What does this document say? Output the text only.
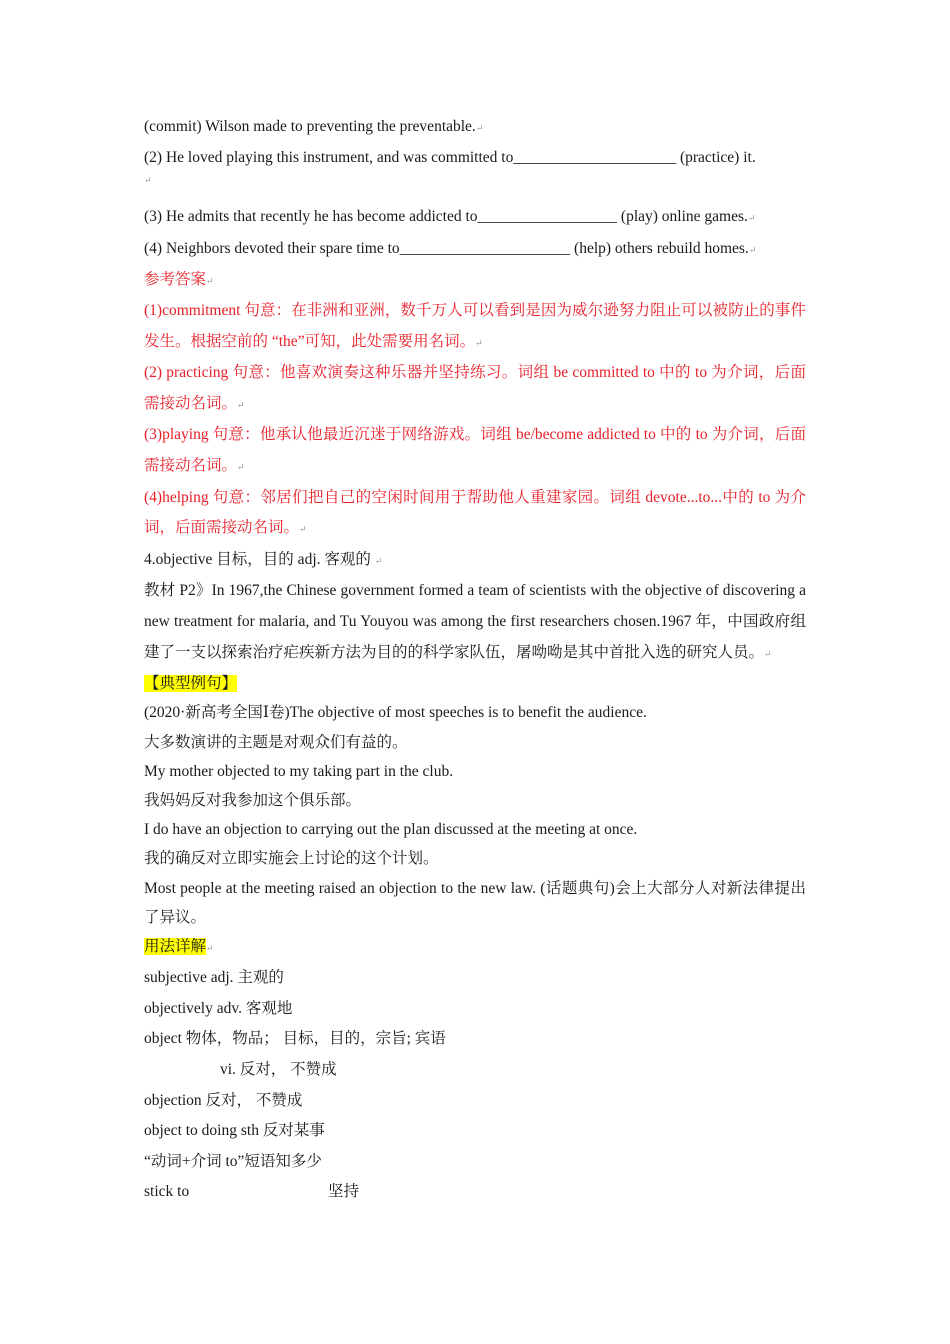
(commit) Wilson made to preventing the preventable.↵
(2) He loved playing this instrument, and was committed to_____________________ (practice) it.
↵
(3) He admits that recently he has become addicted to__________________ (play) online games.↵
(4) Neighbors devoted their spare time to______________________ (help) others rebuild homes.↵
参考答案↵
(1)commitment 句意：在非洲和亚洲，数千万人可以看到是因为威尔逊努力阻止可以被防止的事件发生。根据空前的 “the”可知，此处需要用名词。↵
(2) practicing 句意：他喜欢演奏这种乐器并坚持练习。词组 be committed to 中的 to 为介词，后面需接动名词。↵
(3)playing 句意：他承认他最近沉迷于网络游戏。词组 be/become addicted to 中的 to 为介词，后面需接动名词。↵
(4)helping 句意：邻居们把自己的空闲时间用于帮助他人重建家园。词组 devote...to...中的 to 为介词，后面需接动名词。↵
4.objective 目标，目的 adj. 客观的 ↵
教材 P2》In 1967,the Chinese government formed a team of scientists with the objective of discovering a new treatment for malaria, and Tu Youyou was among the first researchers chosen.1967 年，中国政府组建了一支以探索治疗疟疾新方法为目的的科学家队伍，屠呦呦是其中首批入选的研究人员。↵
【典型例句】
(2020·新高考全国Ⅰ卷)The objective of most speeches is to benefit the audience.
大多数演讲的主题是对观众们有益的。
My mother objected to my taking part in the club.
我妈妈反对我参加这个俱乐部。
I do have an objection to carrying out the plan discussed at the meeting at once.
我的确反对立即实施会上讨论的这个计划。
Most people at the meeting raised an objection to the new law. (话题典句)会上大部分人对新法律提出了异议。
用法详解↵
subjective adj. 主观的
objectively adv. 客观地
object 物体，物品； 目标，目的，宗旨; 宾语
vi. 反对， 不赞成
objection 反对， 不赞成
object to doing sth 反对某事
“动词+介词 to”短语知多少
stick to	坚持
